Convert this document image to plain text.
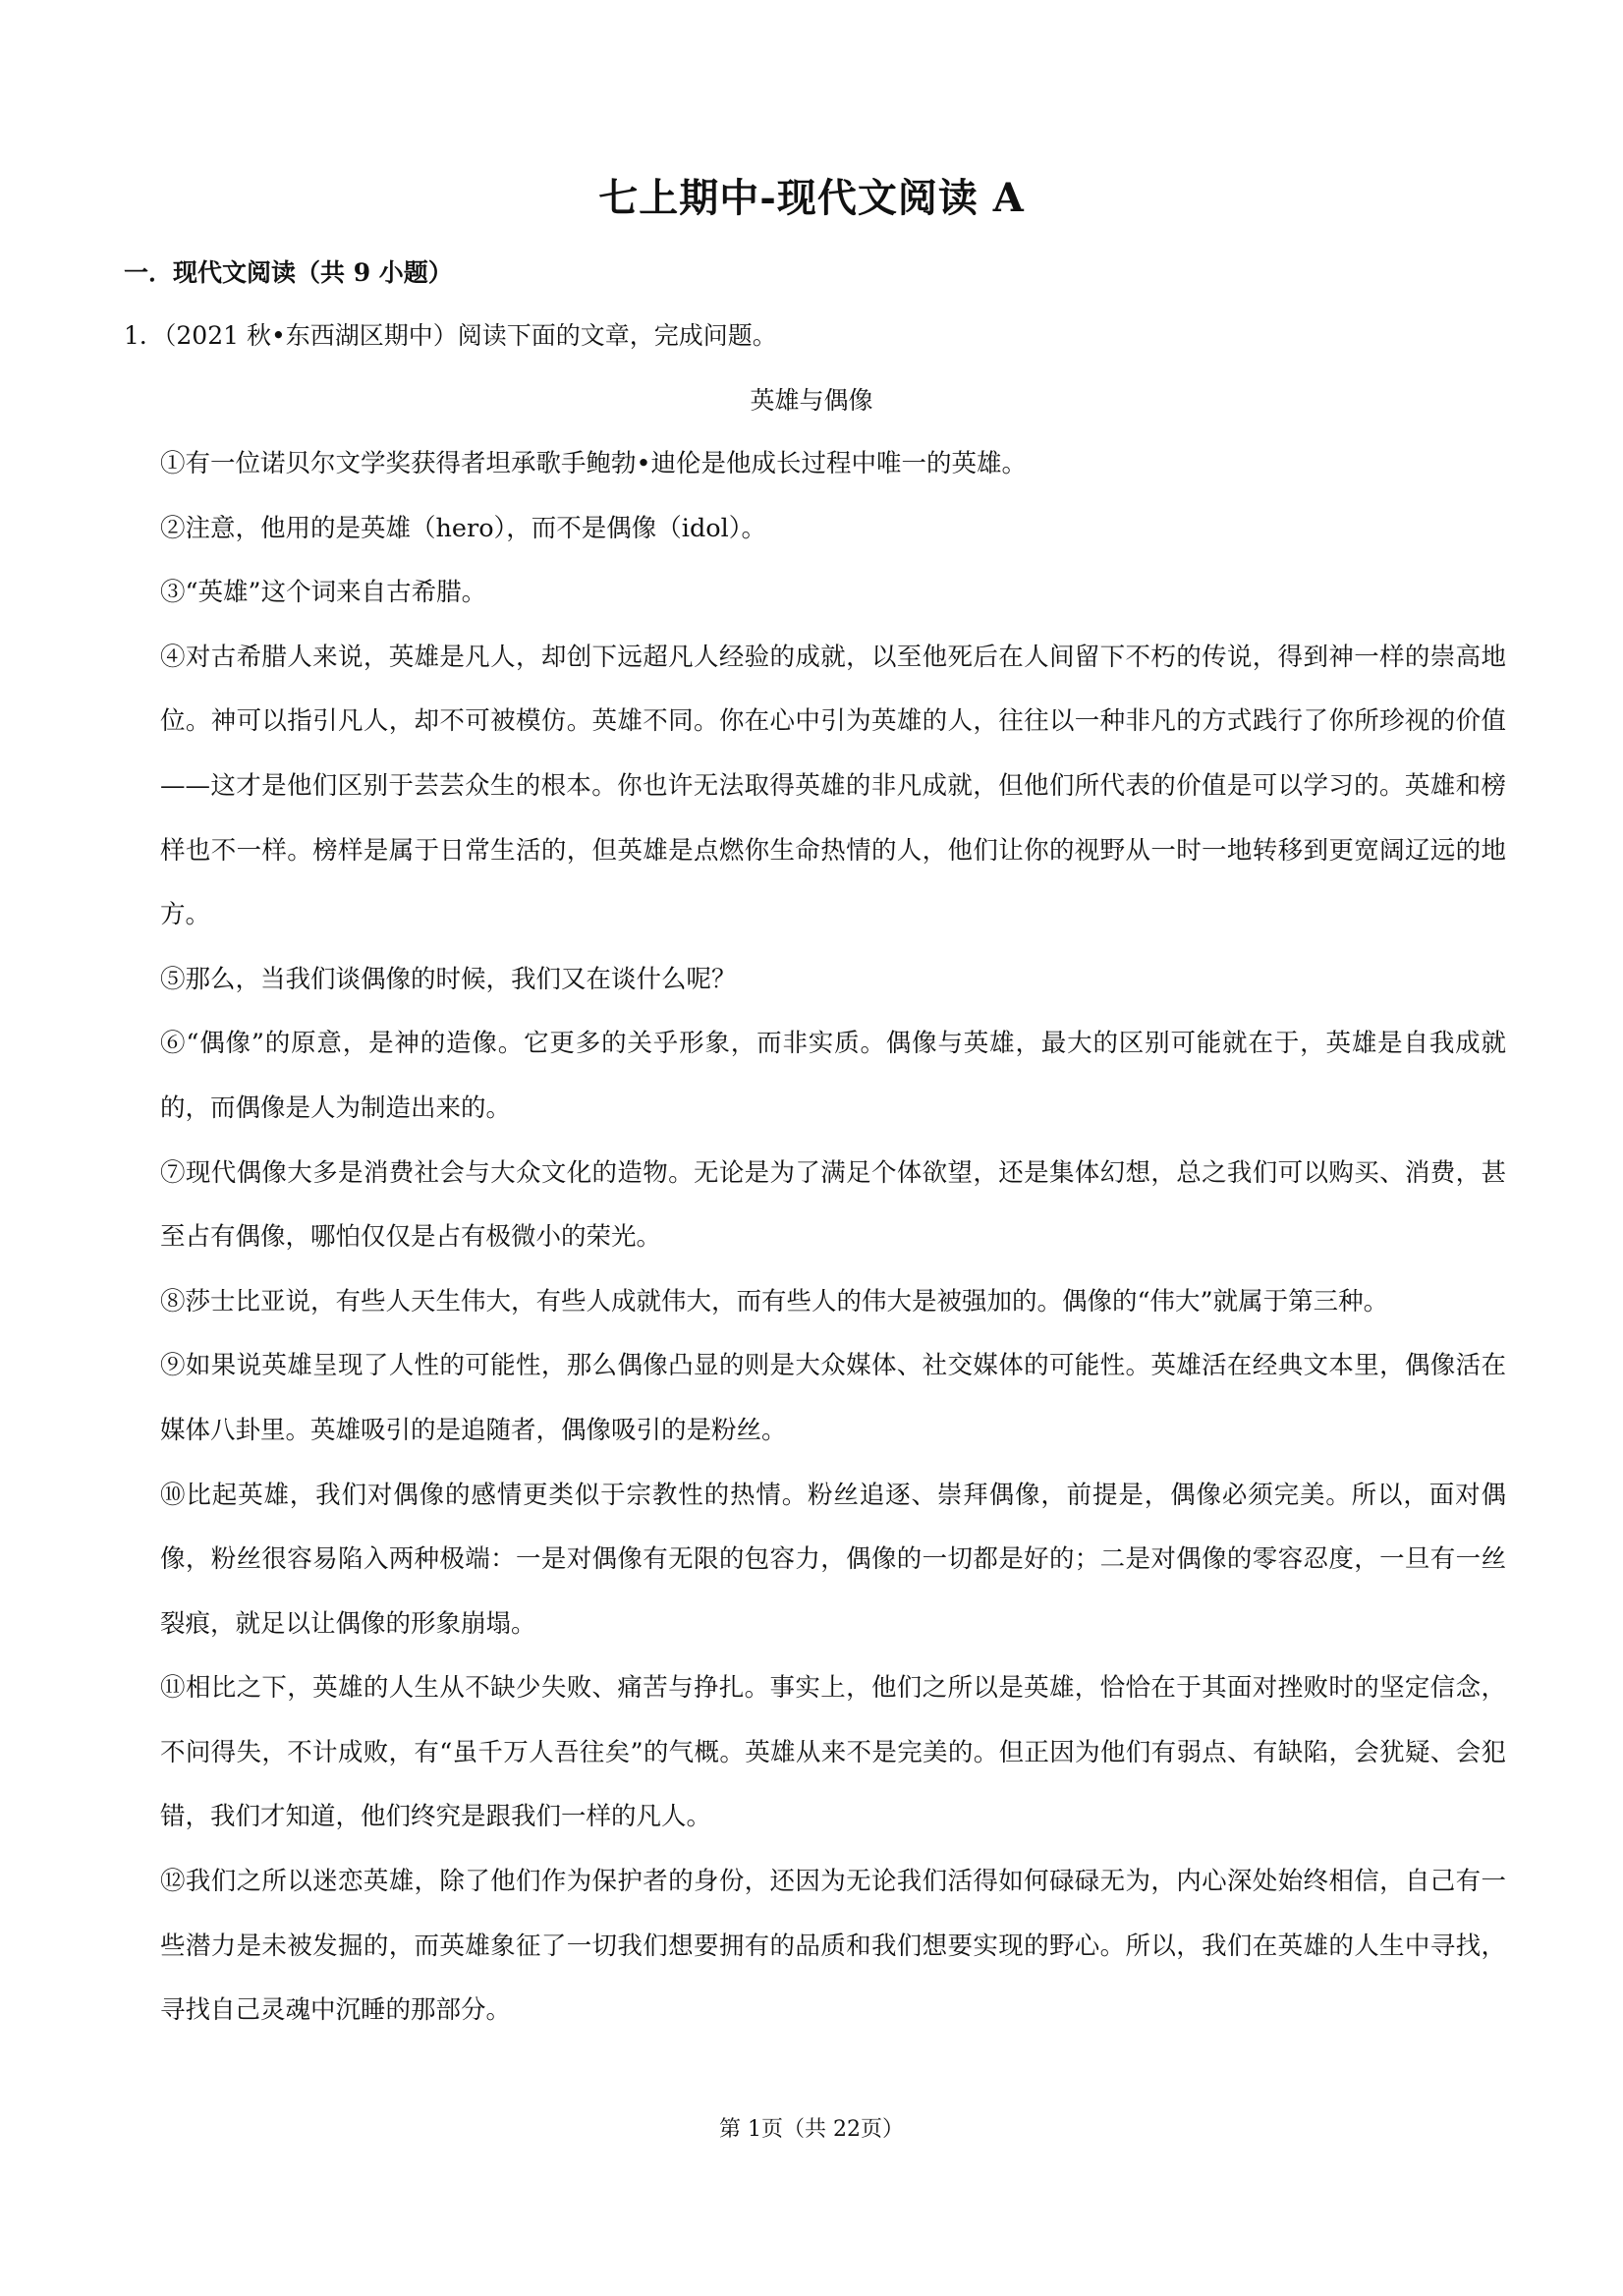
七上期中-现代文阅读 A
一．现代文阅读（共 9 小题）
1．（2021 秋•东西湖区期中）阅读下面的文章，完成问题。
英雄与偶像

①有一位诺贝尔文学奖获得者坦承歌手鲍勃•迪伦是他成长过程中唯一的英雄。

②注意，他用的是英雄（hero），而不是偶像（idol）。

③“英雄”这个词来自古希腊。

④对古希腊人来说，英雄是凡人，却创下远超凡人经验的成就，以至他死后在人间留下不朽的传说，得到神一样的崇高地位。神可以指引凡人，却不可被模仿。英雄不同。你在心中引为英雄的人，往往以一种非凡的方式践行了你所珍视的价值——这才是他们区别于芸芸众生的根本。你也许无法取得英雄的非凡成就，但他们所代表的价值是可以学习的。英雄和榜样也不一样。榜样是属于日常生活的，但英雄是点燃你生命热情的人，他们让你的视野从一时一地转移到更宽阔辽远的地方。

⑤那么，当我们谈偶像的时候，我们又在谈什么呢？

⑥“偶像”的原意，是神的造像。它更多的关乎形象，而非实质。偶像与英雄，最大的区别可能就在于，英雄是自我成就的，而偶像是人为制造出来的。

⑦现代偶像大多是消费社会与大众文化的造物。无论是为了满足个体欲望，还是集体幻想，总之我们可以购买、消费，甚至占有偶像，哪怕仅仅是占有极微小的荣光。

⑧莎士比亚说，有些人天生伟大，有些人成就伟大，而有些人的伟大是被强加的。偶像的“伟大”就属于第三种。

⑨如果说英雄呈现了人性的可能性，那么偶像凸显的则是大众媒体、社交媒体的可能性。英雄活在经典文本里，偶像活在媒体八卦里。英雄吸引的是追随者，偶像吸引的是粉丝。

⑩比起英雄，我们对偶像的感情更类似于宗教性的热情。粉丝追逐、崇拜偶像，前提是，偶像必须完美。所以，面对偶像，粉丝很容易陷入两种极端：一是对偶像有无限的包容力，偶像的一切都是好的；二是对偶像的零容忍度，一旦有一丝裂痕，就足以让偶像的形象崩塌。

⑪相比之下，英雄的人生从不缺少失败、痛苦与挣扎。事实上，他们之所以是英雄，恰恰在于其面对挫败时的坚定信念，不问得失，不计成败，有“虽千万人吾往矣”的气概。英雄从来不是完美的。但正因为他们有弱点、有缺陷，会犹疑、会犯错，我们才知道，他们终究是跟我们一样的凡人。

⑫我们之所以迷恋英雄，除了他们作为保护者的身份，还因为无论我们活得如何碌碌无为，内心深处始终相信，自己有一些潜力是未被发掘的，而英雄象征了一切我们想要拥有的品质和我们想要实现的野心。所以，我们在英雄的人生中寻找，寻找自己灵魂中沉睡的那部分。

第 1页（共 22页）
